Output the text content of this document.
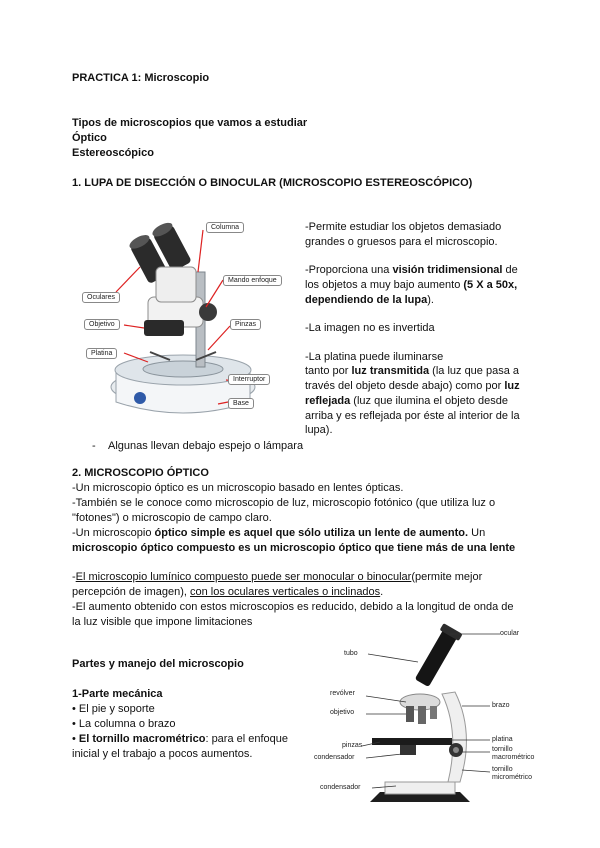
PRACTICA 1: Microscopio
Tipos de microscopios que vamos a estudiar
Óptico
Estereoscópico
1. LUPA DE DISECCIÓN O BINOCULAR (MICROSCOPIO ESTEREOSCÓPICO)
Columna
Mando enfoque
Oculares
Objetivo	Pinzas
Platina
Interruptor
Base
-Permite estudiar los objetos demasiado
grandes o gruesos para el microscopio.
-Proporciona una visión tridimensional de
los objetos a muy bajo aumento (5 X a 50x,
dependiendo de la lupa).
-La imagen no es invertida
-La platina puede iluminarse
tanto por luz transmitida (la luz que pasa a
través del objeto desde abajo) como por luz
reflejada (luz que ilumina el objeto desde
arriba y es reflejada por éste al interior de la
lupa).
- Algunas llevan debajo espejo o lámpara
2. MICROSCOPIO ÓPTICO
-Un microscopio óptico es un microscopio basado en lentes ópticas.
-También se le conoce como microscopio de luz, microscopio fotónico (que utiliza luz o
"fotones") o microscopio de campo claro.
-Un microscopio óptico simple es aquel que sólo utiliza un lente de aumento. Un
microscopio óptico compuesto es un microscopio óptico que tiene más de una lente
-El microscopio lumínico compuesto puede ser monocular o binocular(permite mejor
percepción de imagen), con los oculares verticales o inclinados.
-El aumento obtenido con estos microscopios es reducido, debido a la longitud de onda de
la luz visible que impone limitaciones
Partes y manejo del microscopio
1-Parte mecánica
• El pie y soporte
• La columna o brazo
• El tornillo macrométrico: para el enfoque
inicial y el trabajo a pocos aumentos.
ocular
tubo
revólver
objetivo
brazo
platina
tornillo
macrométrico
pinzas
condensador
tornillo
micrométrico
condensador
